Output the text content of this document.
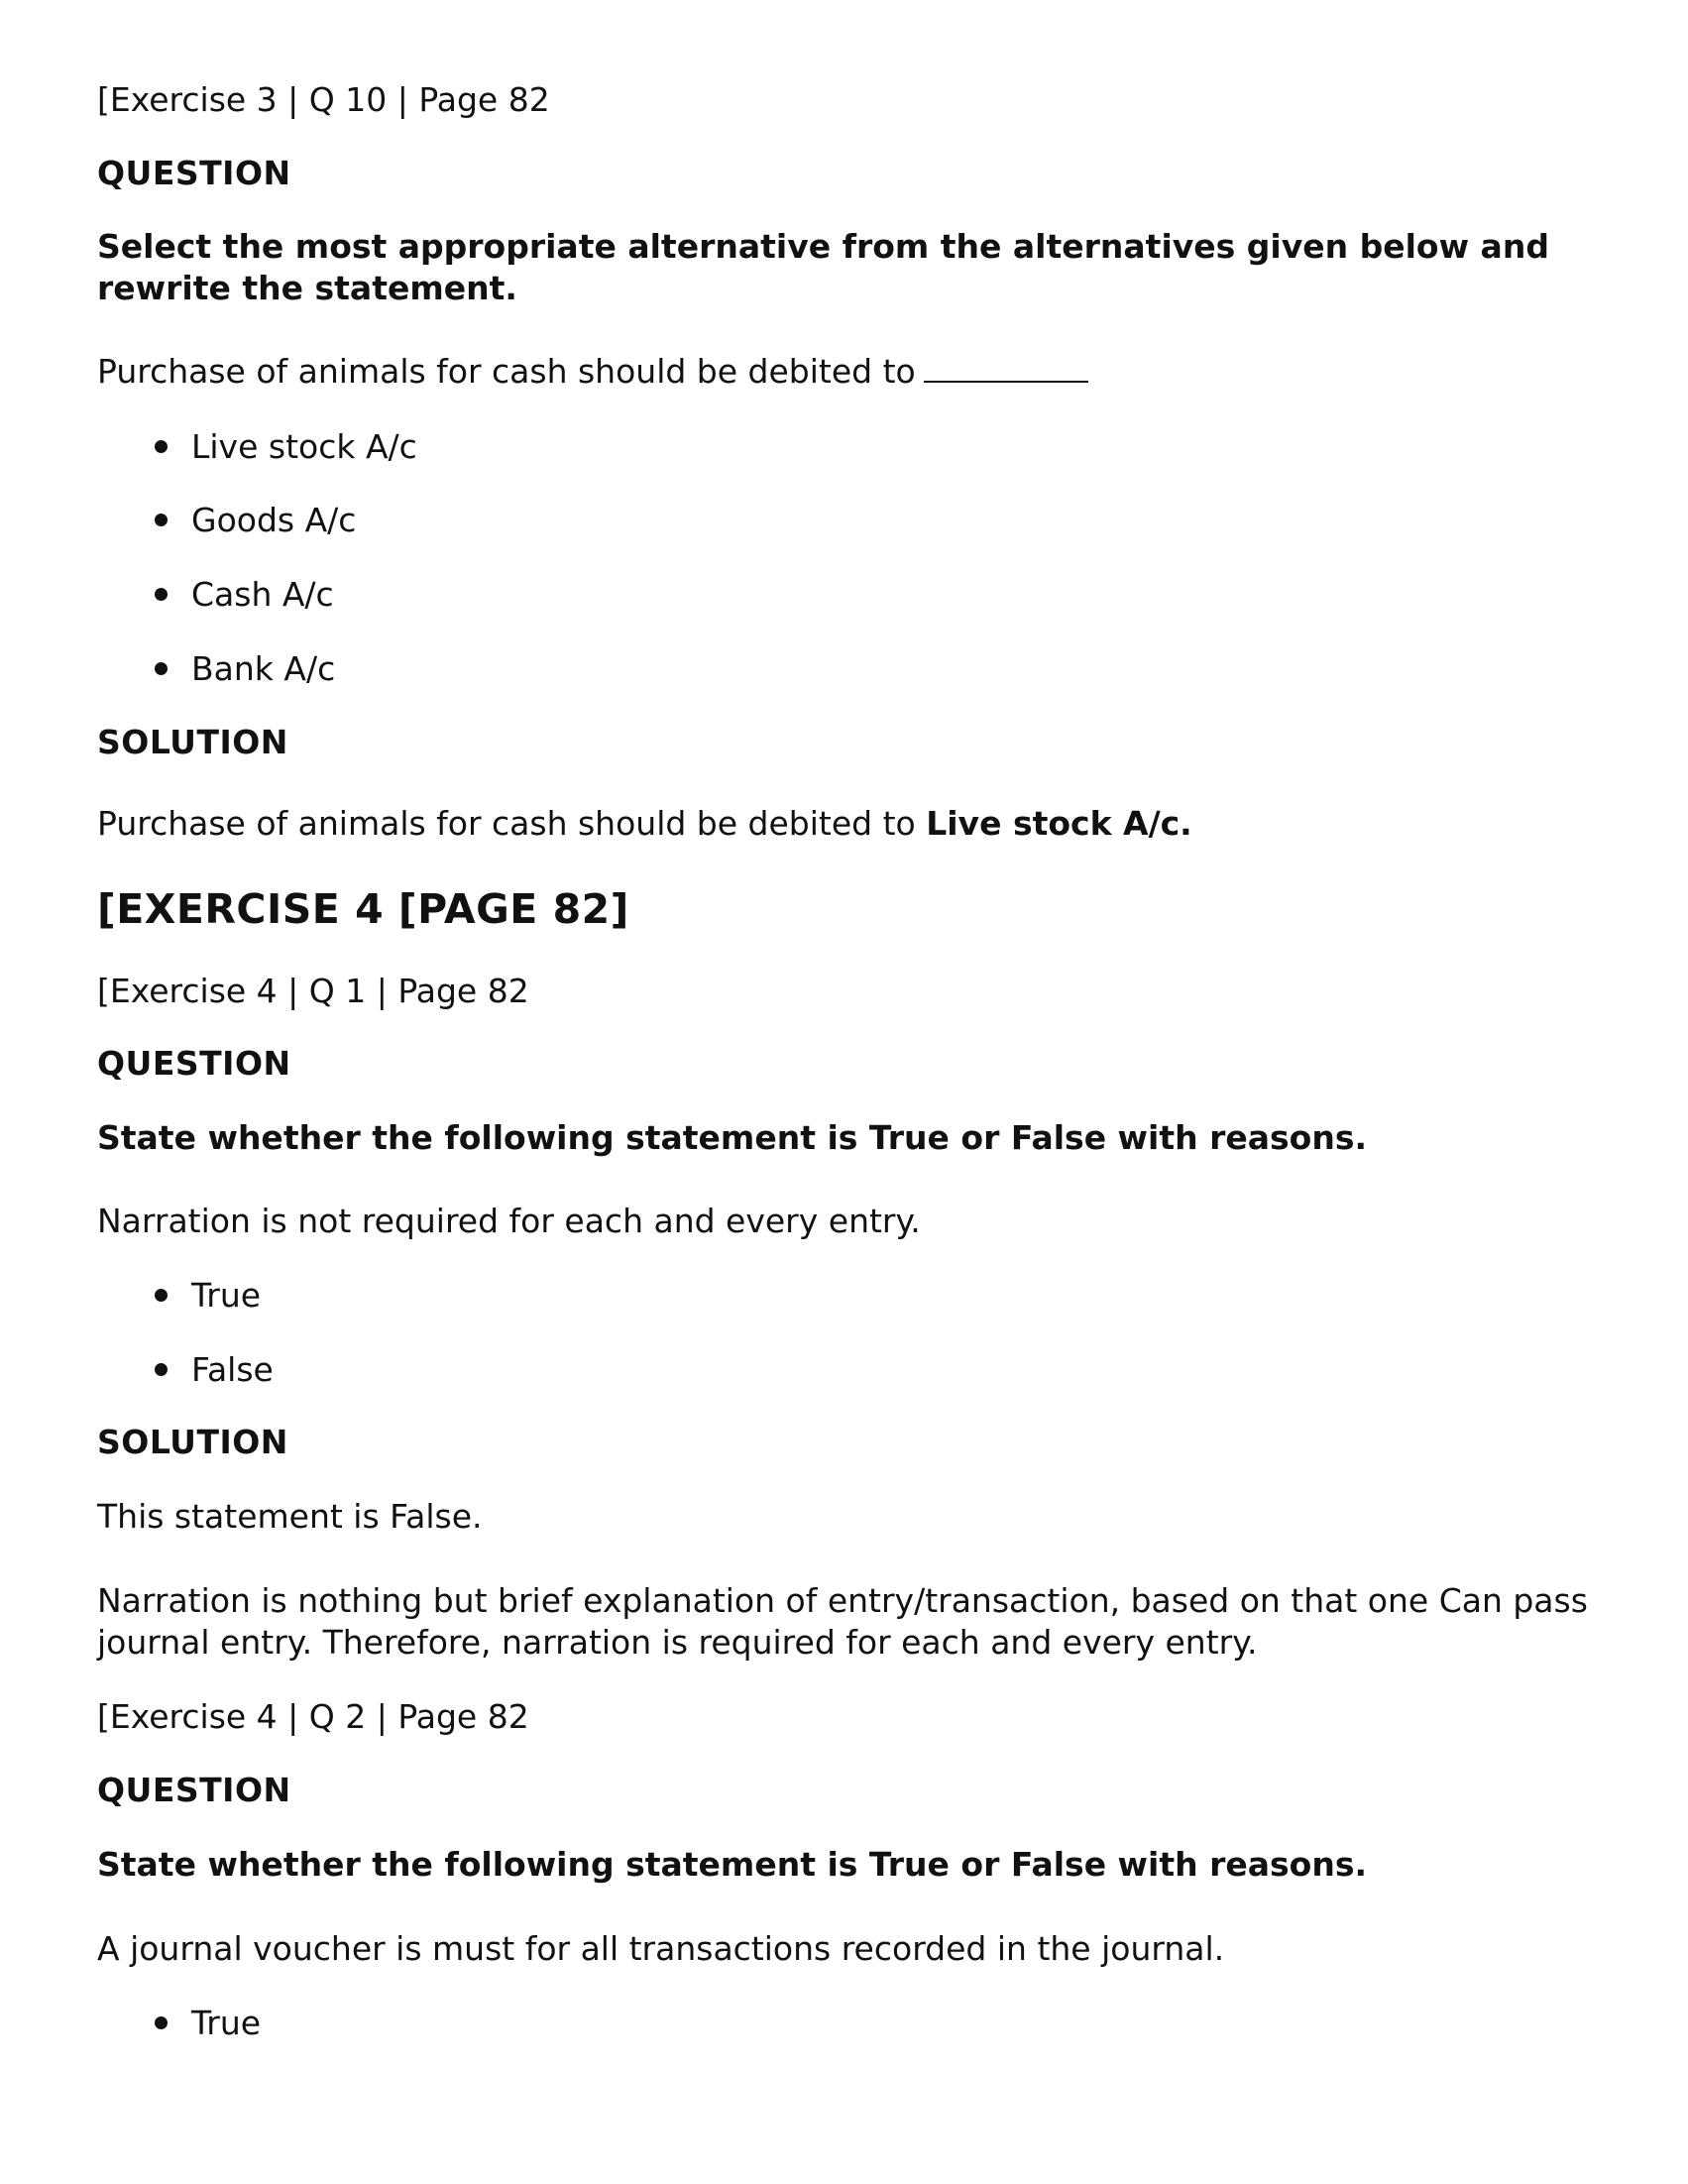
[Exercise 3 | Q 10 | Page 82

QUESTION

Select the most appropriate alternative from the alternatives given below and rewrite the statement.

Purchase of animals for cash should be debited to

Live stock A/c

Goods A/c

Cash A/c

Bank A/c

SOLUTION

Purchase of animals for cash should be debited to Live stock A/c.

[EXERCISE 4 [PAGE 82]

[Exercise 4 | Q 1 | Page 82

QUESTION

State whether the following statement is True or False with reasons.

Narration is not required for each and every entry.

True

False

SOLUTION

This statement is False.

Narration is nothing but brief explanation of entry/transaction, based on that one Can pass journal entry. Therefore, narration is required for each and every entry.

[Exercise 4 | Q 2 | Page 82

QUESTION

State whether the following statement is True or False with reasons.

A journal voucher is must for all transactions recorded in the journal.

True
